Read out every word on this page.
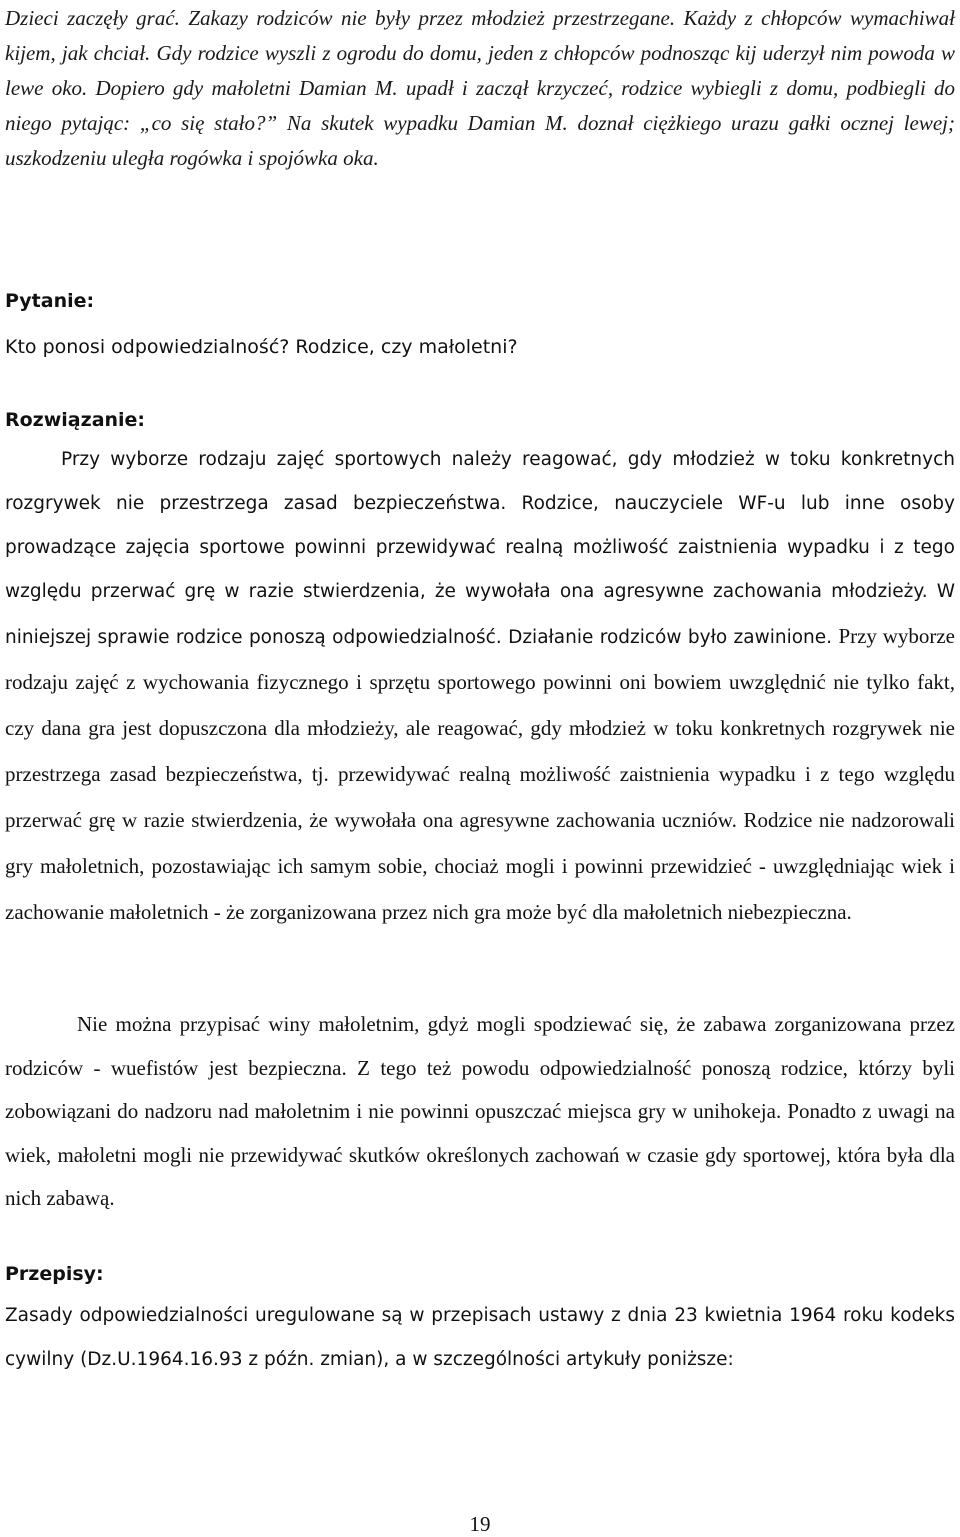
Dzieci zaczęły grać. Zakazy rodziców nie były przez młodzież przestrzegane. Każdy z chłopców wymachiwał kijem, jak chciał. Gdy rodzice wyszli z ogrodu do domu, jeden z chłopców podnosząc kij uderzył nim powoda w lewe oko. Dopiero gdy małoletni Damian M. upadł i zaczął krzyczeć, rodzice wybiegli z domu, podbiegli do niego pytając: „co się stało?” Na skutek wypadku Damian M. doznał ciężkiego urazu gałki ocznej lewej; uszkodzeniu uległa rogówka i spojówka oka.
Pytanie:
Kto ponosi odpowiedzialność? Rodzice, czy małoletni?
Rozwiązanie:
Przy wyborze rodzaju zajęć sportowych należy reagować, gdy młodzież w toku konkretnych rozgrywek nie przestrzega zasad bezpieczeństwa. Rodzice, nauczyciele WF-u lub inne osoby prowadzące zajęcia sportowe powinni przewidywać realną możliwość zaistnienia wypadku i z tego względu przerwać grę w razie stwierdzenia, że wywołała ona agresywne zachowania młodzieży. W niniejszej sprawie rodzice ponoszą odpowiedzialność. Działanie rodziców było zawinione. Przy wyborze rodzaju zajęć z wychowania fizycznego i sprzętu sportowego powinni oni bowiem uwzględnić nie tylko fakt, czy dana gra jest dopuszczona dla młodzieży, ale reagować, gdy młodzież w toku konkretnych rozgrywek nie przestrzega zasad bezpieczeństwa, tj. przewidywać realną możliwość zaistnienia wypadku i z tego względu przerwać grę w razie stwierdzenia, że wywołała ona agresywne zachowania uczniów. Rodzice nie nadzorowali gry małoletnich, pozostawiając ich samym sobie, chociaż mogli i powinni przewidzieć - uwzględniając wiek i zachowanie małoletnich - że zorganizowana przez nich gra może być dla małoletnich niebezpieczna.
Nie można przypisać winy małoletnim, gdyż mogli spodziewać się, że zabawa zorganizowana przez rodziców - wuefistów jest bezpieczna. Z tego też powodu odpowiedzialność ponoszą rodzice, którzy byli zobowiązani do nadzoru nad małoletnim i nie powinni opuszczać miejsca gry w unihokeja. Ponadto z uwagi na wiek, małoletni mogli nie przewidywać skutków określonych zachowań w czasie gdy sportowej, która była dla nich zabawą.
Przepisy:
Zasady odpowiedzialności uregulowane są w przepisach ustawy z dnia 23 kwietnia 1964 roku kodeks cywilny (Dz.U.1964.16.93 z późn. zmian), a w szczególności artykuły poniższe:
19
